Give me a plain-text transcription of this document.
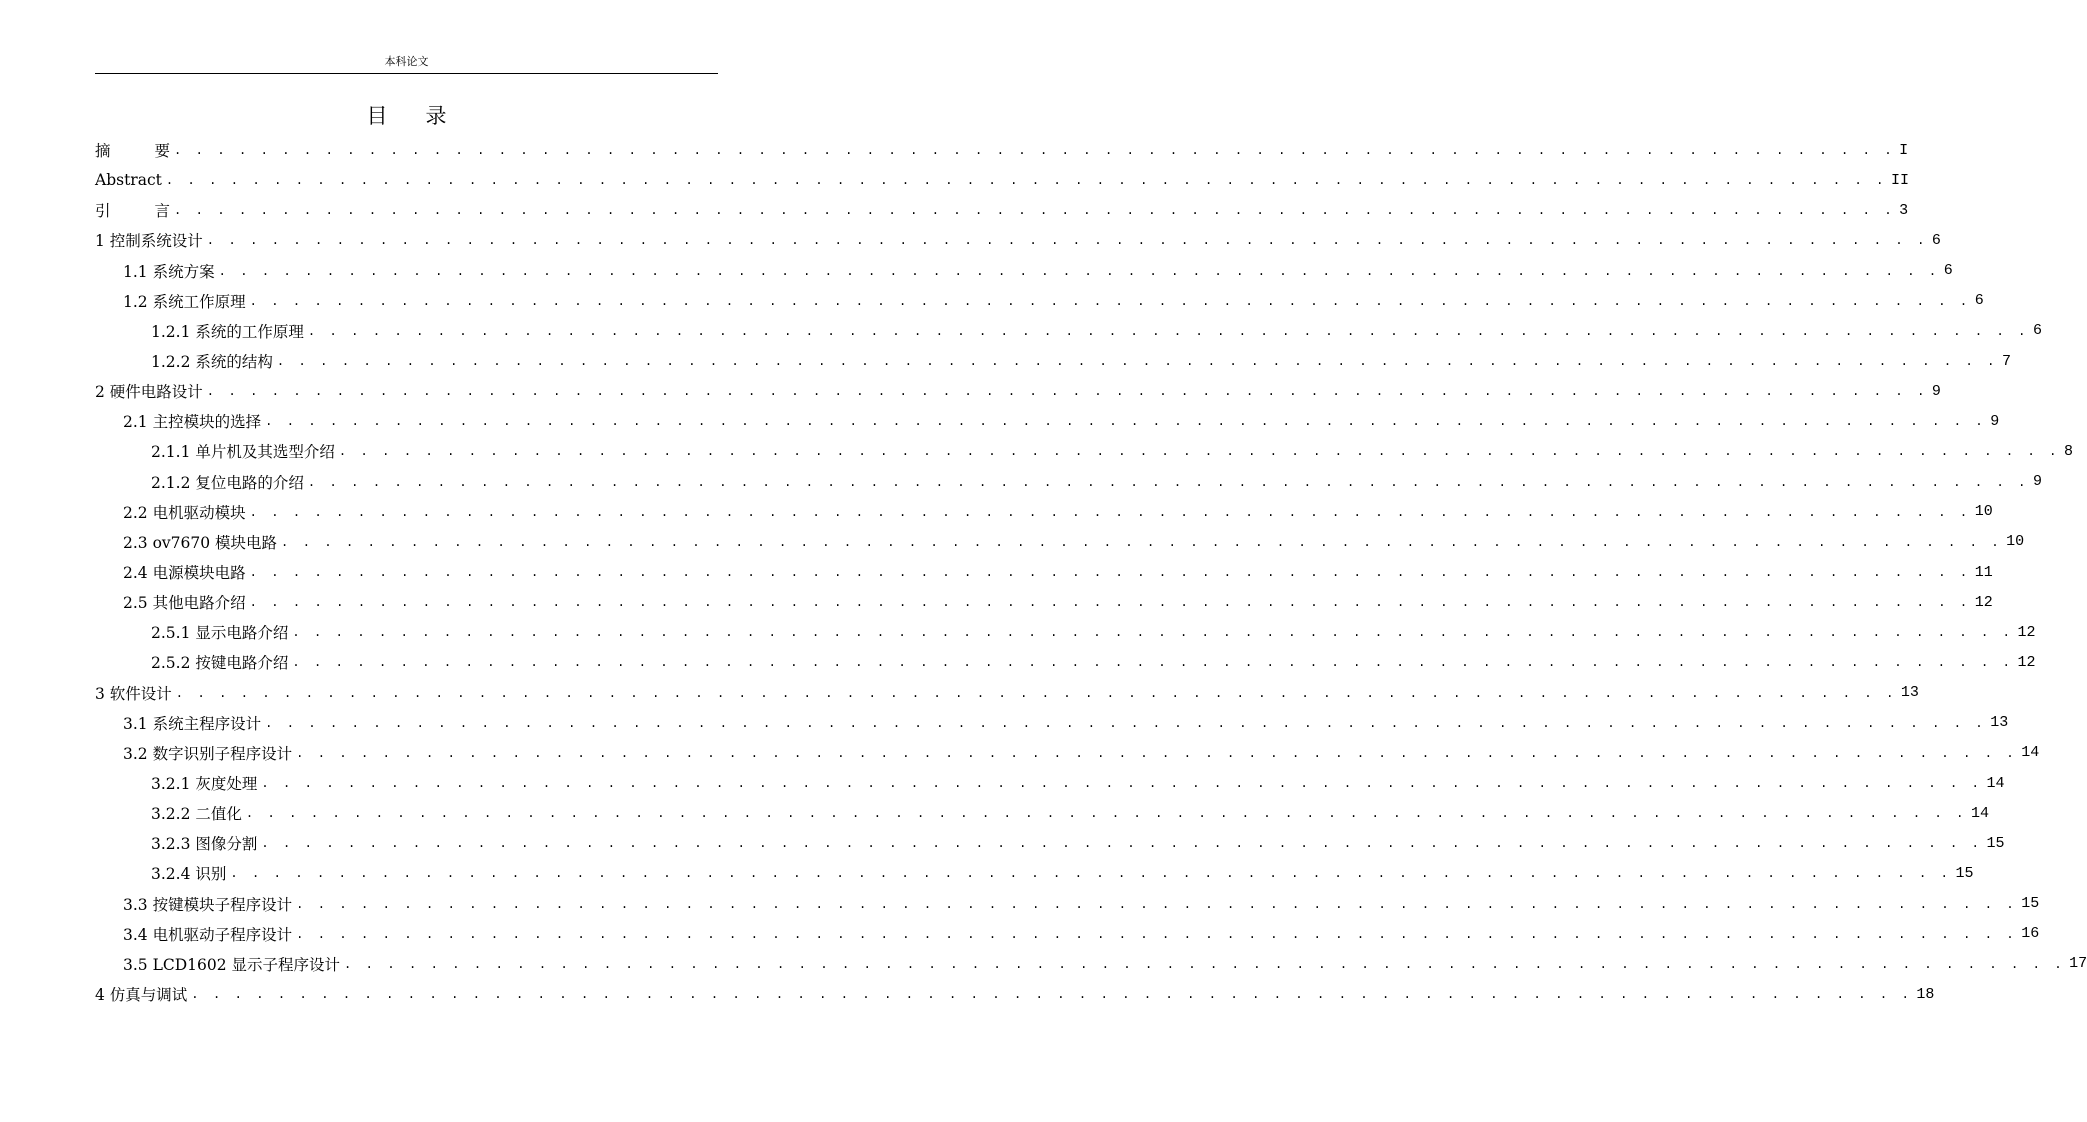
本科论文
目 录
摘	要 . . . . . . . . . . . . . . . . . . . . . . . . . . . . . . . . . . . . . . . . . . . . . . . . . . . . . . . . . . . . . . . . . . . . . . . . . . . . . . . . I
Abstract . . . . . . . . . . . . . . . . . . . . . . . . . . . . . . . . . . . . . . . . . . . . . . . . . . . . . . . . . . . . . . . . . . . . . . . . . . . . . . . . II
引	言 . . . . . . . . . . . . . . . . . . . . . . . . . . . . . . . . . . . . . . . . . . . . . . . . . . . . . . . . . . . . . . . . . . . . . . . . . . . . . . . . 3
1 控制系统设计 . . . . . . . . . . . . . . . . . . . . . . . . . . . . . . . . . . . . . . . . . . . . . . . . . . . . . . . . . . . . . . . . . . . . . . . . . . . . . . . . 6
1.1 系统方案 . . . . . . . . . . . . . . . . . . . . . . . . . . . . . . . . . . . . . . . . . . . . . . . . . . . . . . . . . . . . . . . . . . . . . . . . . . . . . . . . 6
1.2 系统工作原理 . . . . . . . . . . . . . . . . . . . . . . . . . . . . . . . . . . . . . . . . . . . . . . . . . . . . . . . . . . . . . . . . . . . . . . . . . . . . . . . . 6
1.2.1 系统的工作原理 . . . . . . . . . . . . . . . . . . . . . . . . . . . . . . . . . . . . . . . . . . . . . . . . . . . . . . . . . . . . . . . . . . . . . . . . . . . . . . . . 6
1.2.2 系统的结构 . . . . . . . . . . . . . . . . . . . . . . . . . . . . . . . . . . . . . . . . . . . . . . . . . . . . . . . . . . . . . . . . . . . . . . . . . . . . . . . . 7
2 硬件电路设计 . . . . . . . . . . . . . . . . . . . . . . . . . . . . . . . . . . . . . . . . . . . . . . . . . . . . . . . . . . . . . . . . . . . . . . . . . . . . . . . . 9
2.1 主控模块的选择 . . . . . . . . . . . . . . . . . . . . . . . . . . . . . . . . . . . . . . . . . . . . . . . . . . . . . . . . . . . . . . . . . . . . . . . . . . . . . . . . 9
2.1.1 单片机及其选型介绍 . . . . . . . . . . . . . . . . . . . . . . . . . . . . . . . . . . . . . . . . . . . . . . . . . . . . . . . . . . . . . . . . . . . . . . . . . . . . . . . . 8
2.1.2 复位电路的介绍 . . . . . . . . . . . . . . . . . . . . . . . . . . . . . . . . . . . . . . . . . . . . . . . . . . . . . . . . . . . . . . . . . . . . . . . . . . . . . . . . 9
2.2 电机驱动模块 . . . . . . . . . . . . . . . . . . . . . . . . . . . . . . . . . . . . . . . . . . . . . . . . . . . . . . . . . . . . . . . . . . . . . . . . . . . . . . . . 10
2.3 ov7670 模块电路 . . . . . . . . . . . . . . . . . . . . . . . . . . . . . . . . . . . . . . . . . . . . . . . . . . . . . . . . . . . . . . . . . . . . . . . . . . . . . . . . 10
2.4 电源模块电路 . . . . . . . . . . . . . . . . . . . . . . . . . . . . . . . . . . . . . . . . . . . . . . . . . . . . . . . . . . . . . . . . . . . . . . . . . . . . . . . . 11
2.5 其他电路介绍 . . . . . . . . . . . . . . . . . . . . . . . . . . . . . . . . . . . . . . . . . . . . . . . . . . . . . . . . . . . . . . . . . . . . . . . . . . . . . . . . 12
2.5.1 显示电路介绍 . . . . . . . . . . . . . . . . . . . . . . . . . . . . . . . . . . . . . . . . . . . . . . . . . . . . . . . . . . . . . . . . . . . . . . . . . . . . . . . . 12
2.5.2 按键电路介绍 . . . . . . . . . . . . . . . . . . . . . . . . . . . . . . . . . . . . . . . . . . . . . . . . . . . . . . . . . . . . . . . . . . . . . . . . . . . . . . . . 12
3 软件设计 . . . . . . . . . . . . . . . . . . . . . . . . . . . . . . . . . . . . . . . . . . . . . . . . . . . . . . . . . . . . . . . . . . . . . . . . . . . . . . . . 13
3.1 系统主程序设计 . . . . . . . . . . . . . . . . . . . . . . . . . . . . . . . . . . . . . . . . . . . . . . . . . . . . . . . . . . . . . . . . . . . . . . . . . . . . . . . . 13
3.2 数字识别子程序设计 . . . . . . . . . . . . . . . . . . . . . . . . . . . . . . . . . . . . . . . . . . . . . . . . . . . . . . . . . . . . . . . . . . . . . . . . . . . . . . . . 14
3.2.1 灰度处理 . . . . . . . . . . . . . . . . . . . . . . . . . . . . . . . . . . . . . . . . . . . . . . . . . . . . . . . . . . . . . . . . . . . . . . . . . . . . . . . . 14
3.2.2 二值化 . . . . . . . . . . . . . . . . . . . . . . . . . . . . . . . . . . . . . . . . . . . . . . . . . . . . . . . . . . . . . . . . . . . . . . . . . . . . . . . . 14
3.2.3 图像分割 . . . . . . . . . . . . . . . . . . . . . . . . . . . . . . . . . . . . . . . . . . . . . . . . . . . . . . . . . . . . . . . . . . . . . . . . . . . . . . . . 15
3.2.4 识别 . . . . . . . . . . . . . . . . . . . . . . . . . . . . . . . . . . . . . . . . . . . . . . . . . . . . . . . . . . . . . . . . . . . . . . . . . . . . . . . . 15
3.3 按键模块子程序设计 . . . . . . . . . . . . . . . . . . . . . . . . . . . . . . . . . . . . . . . . . . . . . . . . . . . . . . . . . . . . . . . . . . . . . . . . . . . . . . . . 15
3.4 电机驱动子程序设计 . . . . . . . . . . . . . . . . . . . . . . . . . . . . . . . . . . . . . . . . . . . . . . . . . . . . . . . . . . . . . . . . . . . . . . . . . . . . . . . . 16
3.5 LCD1602 显示子程序设计 . . . . . . . . . . . . . . . . . . . . . . . . . . . . . . . . . . . . . . . . . . . . . . . . . . . . . . . . . . . . . . . . . . . . . . . . . . . . . . . . 17
4 仿真与调试 . . . . . . . . . . . . . . . . . . . . . . . . . . . . . . . . . . . . . . . . . . . . . . . . . . . . . . . . . . . . . . . . . . . . . . . . . . . . . . . . 18
